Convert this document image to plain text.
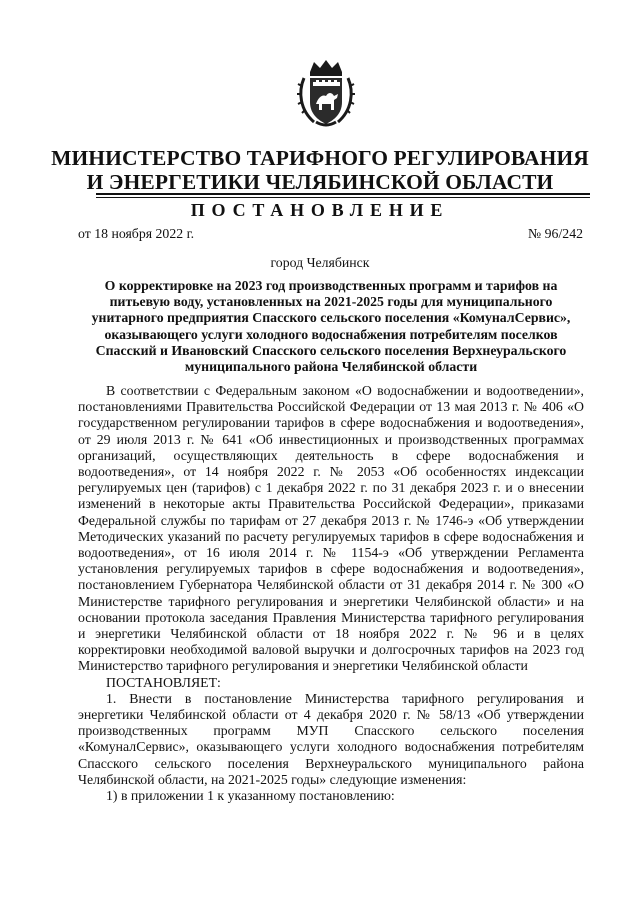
МИНИСТЕРСТВО ТАРИФНОГО РЕГУЛИРОВАНИЯ
И ЭНЕРГЕТИКИ ЧЕЛЯБИНСКОЙ ОБЛАСТИ
ПОСТАНОВЛЕНИЕ
от 18 ноября 2022 г.	№ 96/242
город Челябинск
О корректировке на 2023 год производственных программ и тарифов на питьевую воду, установленных на 2021-2025 годы для муниципального унитарного предприятия Спасского сельского поселения «КомуналСервис», оказывающего услуги холодного водоснабжения потребителям поселков Спасский и Ивановский Спасского сельского поселения Верхнеуральского муниципального района Челябинской области

В соответствии с Федеральным законом «О водоснабжении и водоотведении», постановлениями Правительства Российской Федерации от 13 мая 2013 г. № 406 «О государственном регулировании тарифов в сфере водоснабжения и водоотведения», от 29 июля 2013 г. № 641 «Об инвестиционных и производственных программах организаций, осуществляющих деятельность в сфере водоснабжения и водоотведения», от 14 ноября 2022 г. № 2053 «Об особенностях индексации регулируемых цен (тарифов) с 1 декабря 2022 г. по 31 декабря 2023 г. и о внесении изменений в некоторые акты Правительства Российской Федерации», приказами Федеральной службы по тарифам от 27 декабря 2013 г. № 1746-э «Об утверждении Методических указаний по расчету регулируемых тарифов в сфере водоснабжения и водоотведения», от 16 июля 2014 г. № 1154-э «Об утверждении Регламента установления регулируемых тарифов в сфере водоснабжения и водоотведения», постановлением Губернатора Челябинской области от 31 декабря 2014 г. № 300 «О Министерстве тарифного регулирования и энергетики Челябинской области» и на основании протокола заседания Правления Министерства тарифного регулирования и энергетики Челябинской области от 18 ноября 2022 г. № 96 и в целях корректировки необходимой валовой выручки и долгосрочных тарифов на 2023 год Министерство тарифного регулирования и энергетики Челябинской области

ПОСТАНОВЛЯЕТ:

1. Внести в постановление Министерства тарифного регулирования и энергетики Челябинской области от 4 декабря 2020 г. № 58/13 «Об утверждении производственных программ МУП Спасского сельского поселения «КомуналСервис», оказывающего услуги холодного водоснабжения потребителям Спасского сельского поселения Верхнеуральского муниципального района Челябинской области, на 2021-2025 годы» следующие изменения:

1) в приложении 1 к указанному постановлению:
